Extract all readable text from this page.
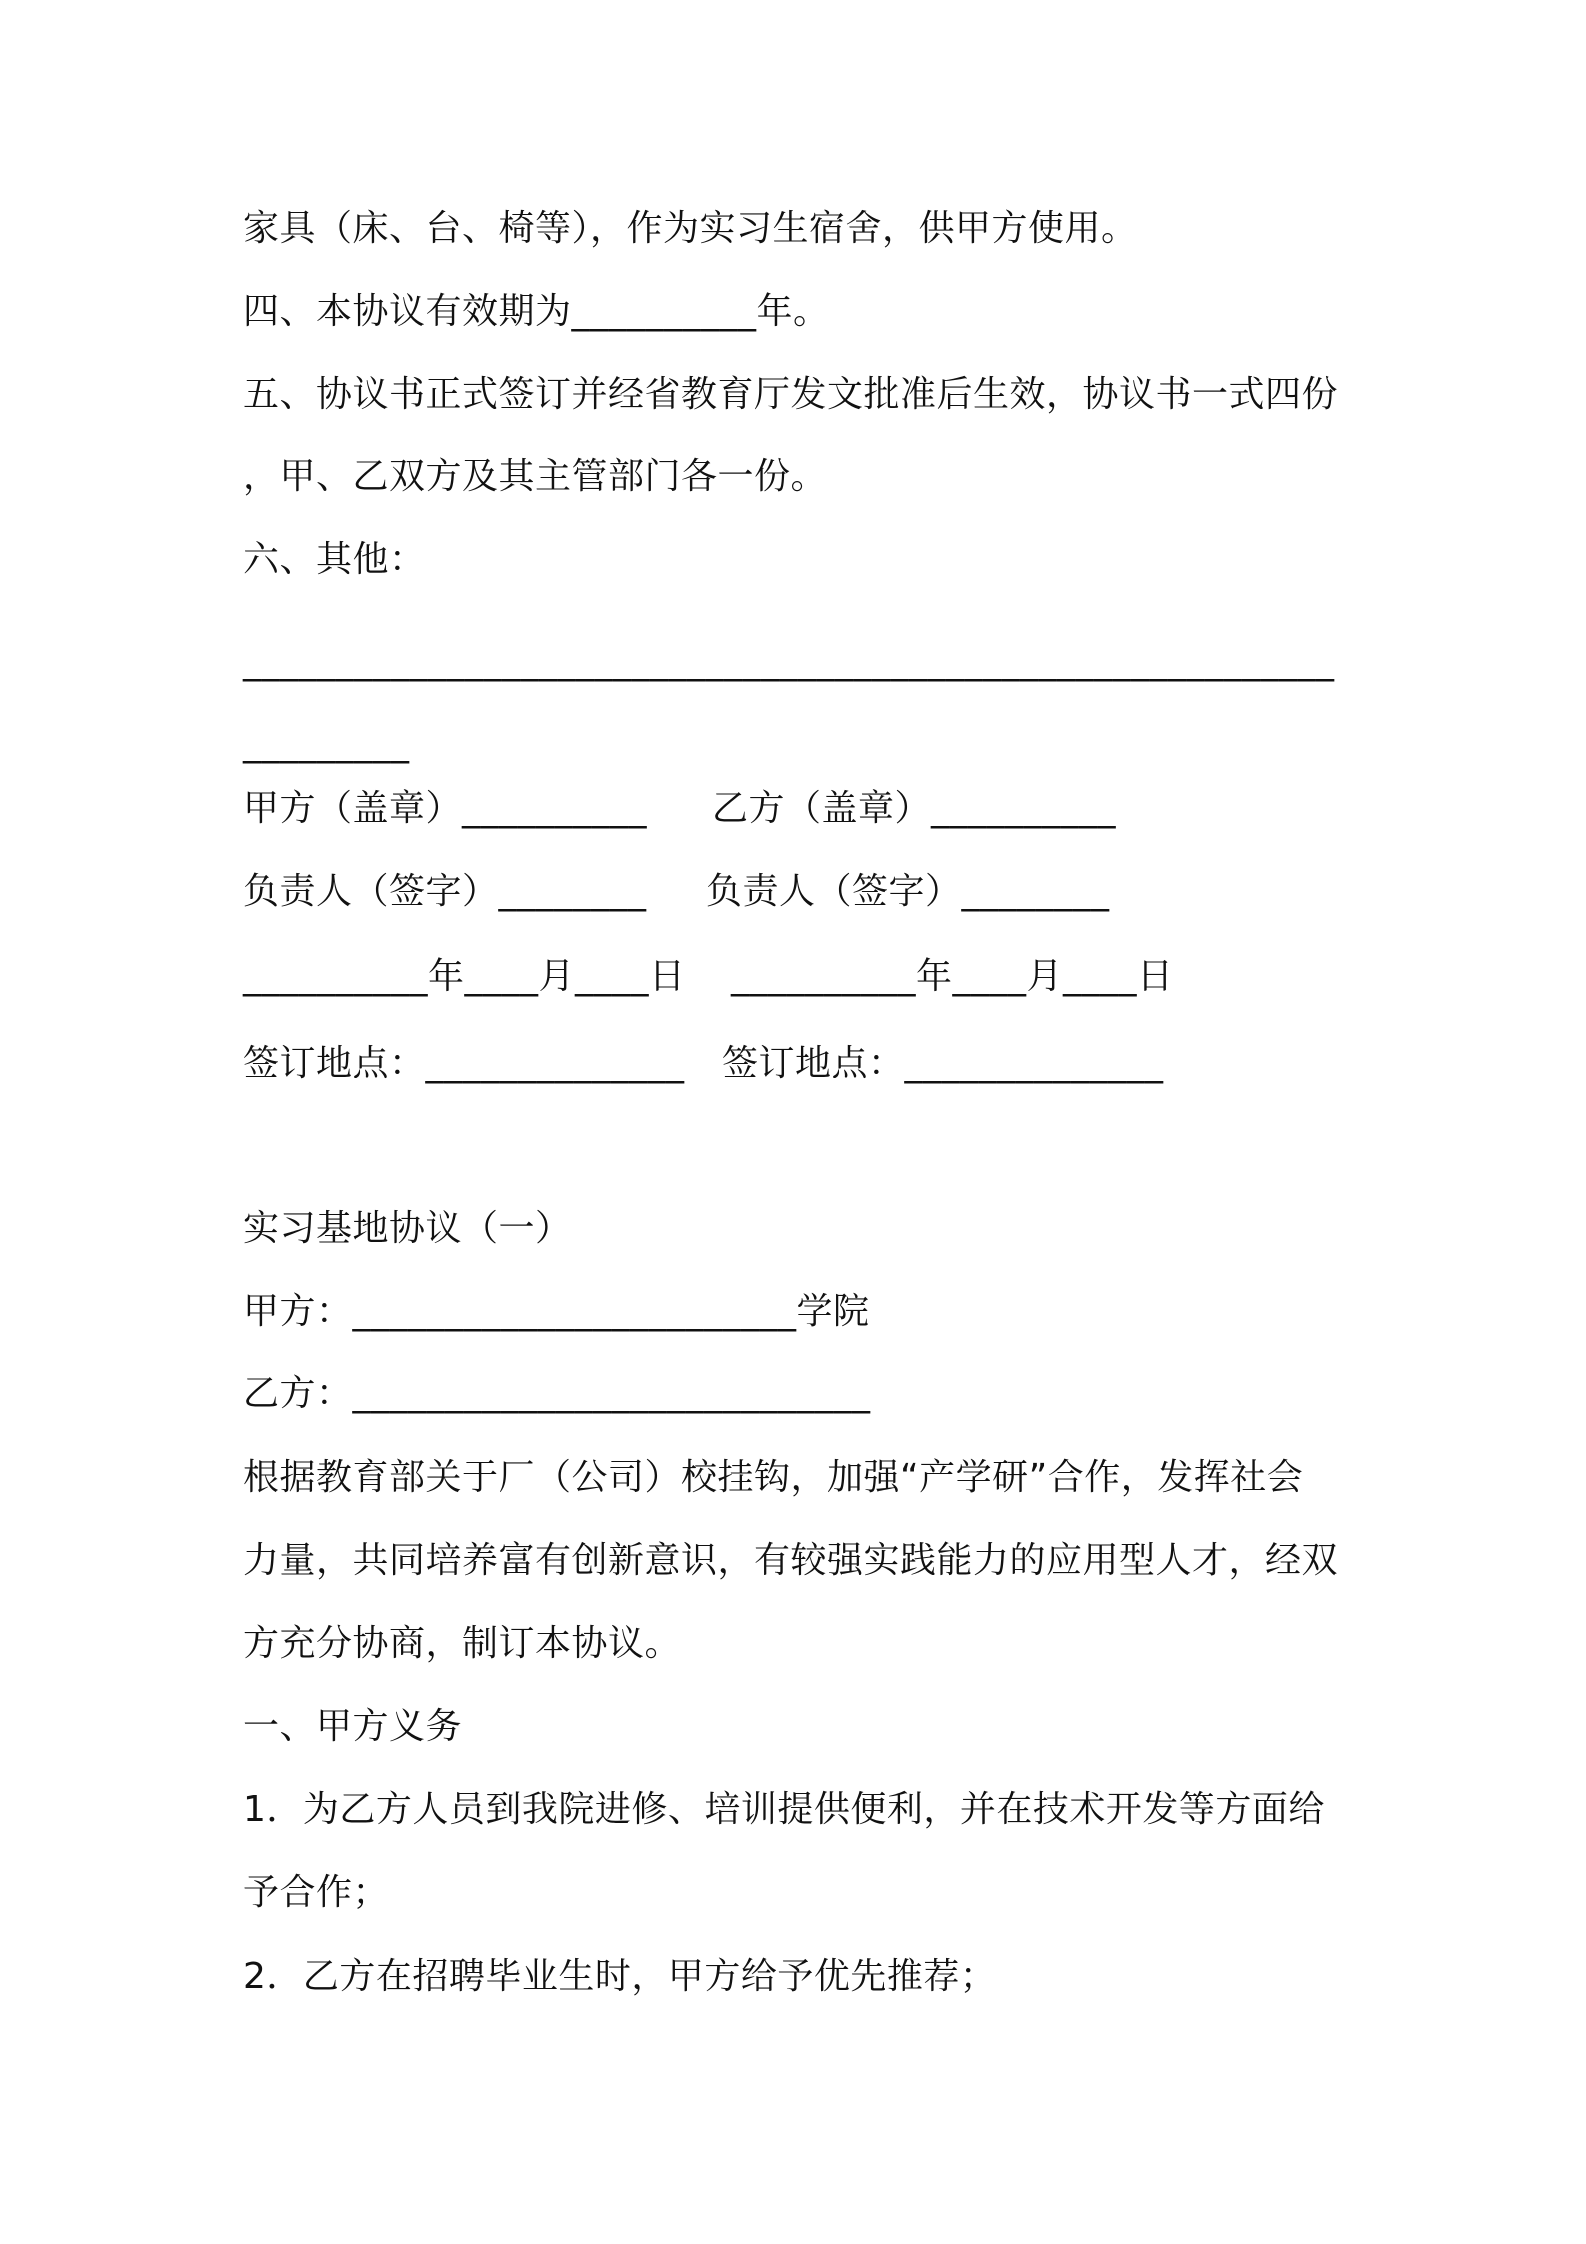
家具（床、台、椅等），作为实习生宿舍，供甲方使用。
四、本协议有效期为__________年。
五、协议书正式签订并经省教育厅发文批准后生效，协议书一式四份
，甲、乙双方及其主管部门各一份。
六、其他：
___________________________________________________________
_________
甲方（盖章）__________ 乙方（盖章）__________
负责人（签字）________ 负责人（签字）________
__________年____月____日 __________年____月____日
签订地点：______________ 签订地点：______________
实习基地协议（一）
甲方：________________________学院
乙方：____________________________
根据教育部关于厂（公司）校挂钩，加强“产学研”合作，发挥社会
力量，共同培养富有创新意识，有较强实践能力的应用型人才，经双
方充分协商，制订本协议。
一、甲方义务
1．为乙方人员到我院进修、培训提供便利，并在技术开发等方面给
予合作；
2．乙方在招聘毕业生时，甲方给予优先推荐；
